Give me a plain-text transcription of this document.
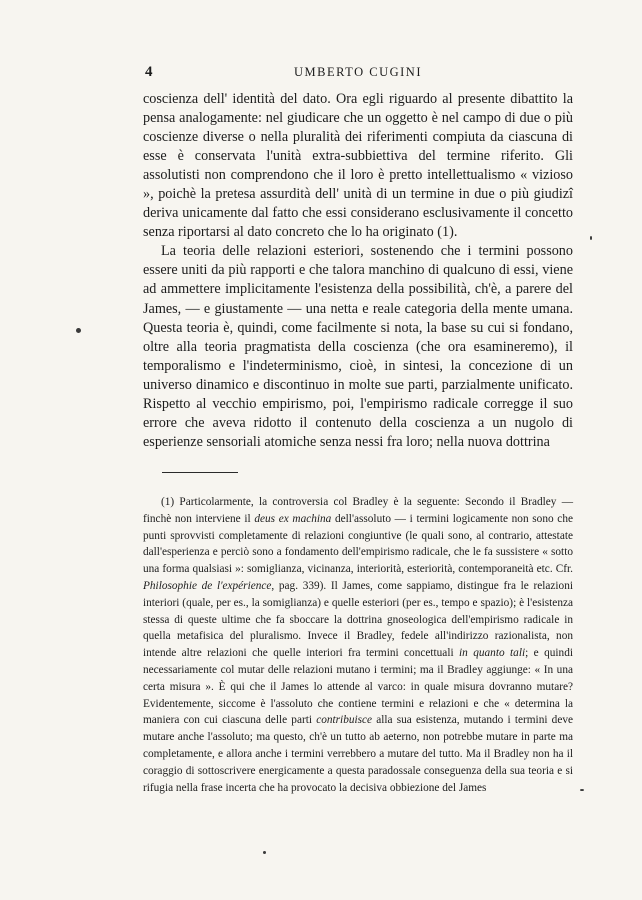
4	UMBERTO CUGINI

coscienza dell' identità del dato. Ora egli riguardo al presente dibattito la pensa analogamente: nel giudicare che un oggetto è nel campo di due o più coscienze diverse o nella pluralità dei riferimenti compiuta da ciascuna di esse è conservata l'unità extra-subbiettiva del termine riferito. Gli assolutisti non comprendono che il loro è pretto intellettualismo « vizioso », poichè la pretesa assurdità dell' unità di un termine in due o più giudizî deriva unicamente dal fatto che essi considerano esclusivamente il concetto senza riportarsi al dato concreto che lo ha originato (1).

La teoria delle relazioni esteriori, sostenendo che i termini possono essere uniti da più rapporti e che talora manchino di qualcuno di essi, viene ad ammettere implicitamente l'esistenza della possibilità, ch'è, a parere del James, — e giustamente — una netta e reale categoria della mente umana. Questa teoria è, quindi, come facilmente si nota, la base su cui si fondano, oltre alla teoria pragmatista della coscienza (che ora esamineremo), il temporalismo e l'indeterminismo, cioè, in sintesi, la concezione di un universo dinamico e discontinuo in molte sue parti, parzialmente unificato. Rispetto al vecchio empirismo, poi, l'empirismo radicale corregge il suo errore che aveva ridotto il contenuto della coscienza a un nugolo di esperienze sensoriali atomiche senza nessi fra loro; nella nuova dottrina

(1) Particolarmente, la controversia col Bradley è la seguente: Secondo il Bradley — finchè non interviene il deus ex machina dell'assoluto — i termini logicamente non sono che punti sprovvisti completamente di relazioni congiuntive (le quali sono, al contrario, attestate dall'esperienza e perciò sono a fondamento dell'empirismo radicale, che le fa sussistere « sotto una forma qualsiasi »: somiglianza, vicinanza, interiorità, esteriorità, contemporaneità etc. Cfr. Philosophie de l'expérience, pag. 339). Il James, come sappiamo, distingue fra le relazioni interiori (quale, per es., la somiglianza) e quelle esteriori (per es., tempo e spazio); è l'esistenza stessa di queste ultime che fa sboccare la dottrina gnoseologica dell'empirismo radicale in quella metafisica del pluralismo. Invece il Bradley, fedele all'indirizzo razionalista, non intende altre relazioni che quelle interiori fra termini concettuali in quanto tali; e quindi necessariamente col mutar delle relazioni mutano i termini; ma il Bradley aggiunge: « In una certa misura ». È qui che il James lo attende al varco: in quale misura dovranno mutare? Evidentemente, siccome è l'assoluto che contiene termini e relazioni e che « determina la maniera con cui ciascuna delle parti contribuisce alla sua esistenza, mutando i termini deve mutare anche l'assoluto; ma questo, ch'è un tutto ab aeterno, non potrebbe mutare in parte ma completamente, e allora anche i termini verrebbero a mutare del tutto. Ma il Bradley non ha il coraggio di sottoscrivere energicamente a questa paradossale conseguenza della sua teoria e si rifugia nella frase incerta che ha provocato la decisiva obbiezione del James
